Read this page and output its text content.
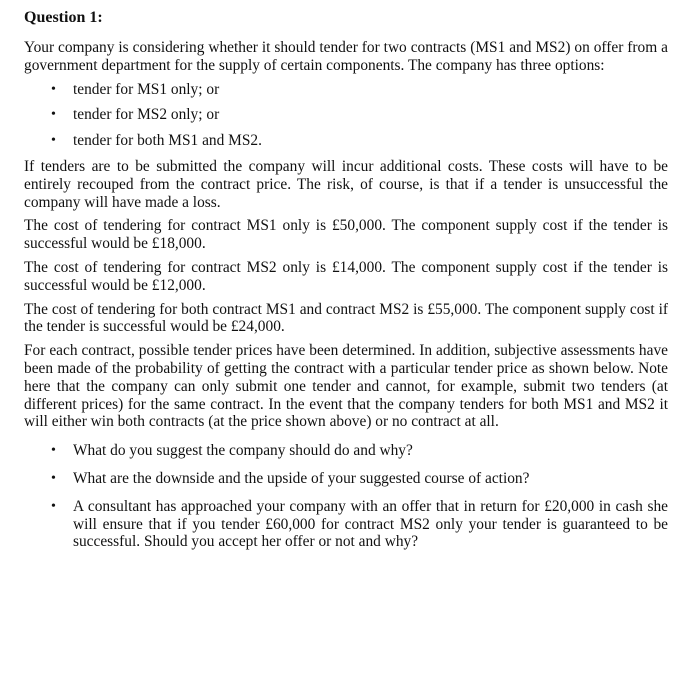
Question 1:

Your company is considering whether it should tender for two contracts (MS1 and MS2) on offer from a government department for the supply of certain components. The company has three options:

• tender for MS1 only; or
• tender for MS2 only; or
• tender for both MS1 and MS2.

If tenders are to be submitted the company will incur additional costs. These costs will have to be entirely recouped from the contract price. The risk, of course, is that if a tender is unsuccessful the company will have made a loss.

The cost of tendering for contract MS1 only is £50,000. The component supply cost if the tender is successful would be £18,000.

The cost of tendering for contract MS2 only is £14,000. The component supply cost if the tender is successful would be £12,000.

The cost of tendering for both contract MS1 and contract MS2 is £55,000. The component supply cost if the tender is successful would be £24,000.

For each contract, possible tender prices have been determined. In addition, subjective assessments have been made of the probability of getting the contract with a particular tender price as shown below. Note here that the company can only submit one tender and cannot, for example, submit two tenders (at different prices) for the same contract. In the event that the company tenders for both MS1 and MS2 it will either win both contracts (at the price shown above) or no contract at all.

• What do you suggest the company should do and why?
• What are the downside and the upside of your suggested course of action?
• A consultant has approached your company with an offer that in return for £20,000 in cash she will ensure that if you tender £60,000 for contract MS2 only your tender is guaranteed to be successful. Should you accept her offer or not and why?
